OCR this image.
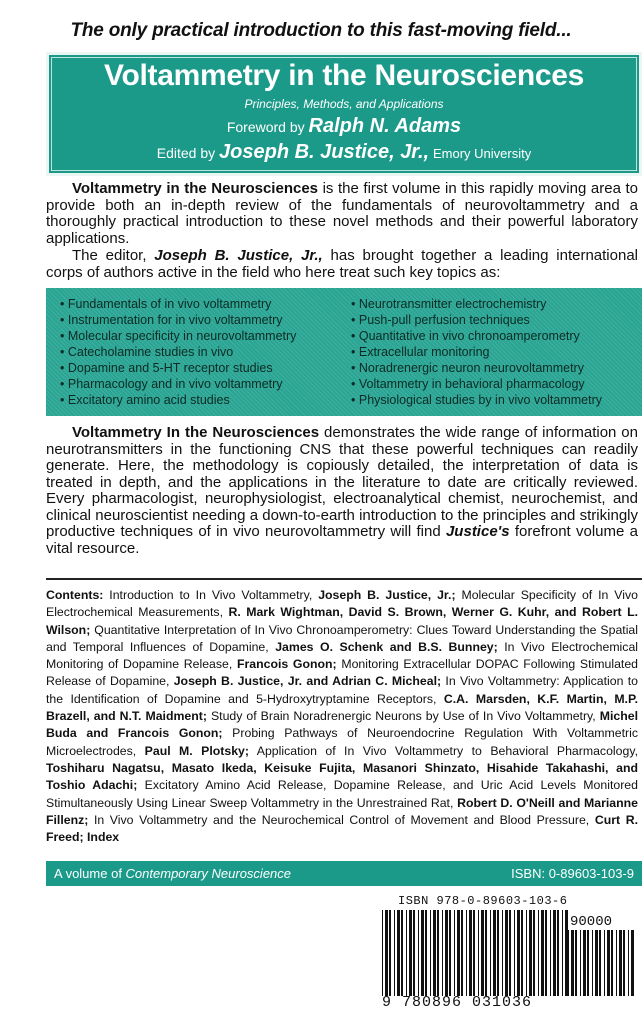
The only practical introduction to this fast-moving field...
Voltammetry in the Neurosciences
Principles, Methods, and Applications
Foreword by Ralph N. Adams
Edited by Joseph B. Justice, Jr., Emory University

Voltammetry in the Neurosciences is the first volume in this rapidly moving area to provide both an in-depth review of the fundamentals of neurovoltammetry and a thoroughly practical introduction to these novel methods and their powerful laboratory applications.

The editor, Joseph B. Justice, Jr., has brought together a leading international corps of authors active in the field who here treat such key topics as:

• Fundamentals of in vivo voltammetry
• Instrumentation for in vivo voltammetry
• Molecular specificity in neurovoltammetry
• Catecholamine studies in vivo
• Dopamine and 5-HT receptor studies
• Pharmacology and in vivo voltammetry
• Excitatory amino acid studies
• Neurotransmitter electrochemistry
• Push-pull perfusion techniques
• Quantitative in vivo chronoamperometry
• Extracellular monitoring
• Noradrenergic neuron neurovoltammetry
• Voltammetry in behavioral pharmacology
• Physiological studies by in vivo voltammetry

Voltammetry In the Neurosciences demonstrates the wide range of information on neurotransmitters in the functioning CNS that these powerful techniques can readily generate. Here, the methodology is copiously detailed, the interpretation of data is treated in depth, and the applications in the literature to date are critically reviewed. Every pharmacologist, neurophysiologist, electroanalytical chemist, neurochemist, and clinical neuroscientist needing a down-to-earth introduction to the principles and strikingly productive techniques of in vivo neurovoltammetry will find Justice's forefront volume a vital resource.

Contents: Introduction to In Vivo Voltammetry, Joseph B. Justice, Jr.; Molecular Specificity of In Vivo Electrochemical Measurements, R. Mark Wightman, David S. Brown, Werner G. Kuhr, and Robert L. Wilson; Quantitative Interpretation of In Vivo Chronoamperometry: Clues Toward Understanding the Spatial and Temporal Influences of Dopamine, James O. Schenk and B.S. Bunney; In Vivo Electrochemical Monitoring of Dopamine Release, Francois Gonon; Monitoring Extracellular DOPAC Following Stimulated Release of Dopamine, Joseph B. Justice, Jr. and Adrian C. Micheal; In Vivo Voltammetry: Application to the Identification of Dopamine and 5-Hydroxytryptamine Receptors, C.A. Marsden, K.F. Martin, M.P. Brazell, and N.T. Maidment; Study of Brain Noradrenergic Neurons by Use of In Vivo Voltammetry, Michel Buda and Francois Gonon; Probing Pathways of Neuroendocrine Regulation With Voltammetric Microelectrodes, Paul M. Plotsky; Application of In Vivo Voltammetry to Behavioral Pharmacology, Toshiharu Nagatsu, Masato Ikeda, Keisuke Fujita, Masanori Shinzato, Hisahide Takahashi, and Toshio Adachi; Excitatory Amino Acid Release, Dopamine Release, and Uric Acid Levels Monitored Stimultaneously Using Linear Sweep Voltammetry in the Unrestrained Rat, Robert D. O'Neill and Marianne Fillenz; In Vivo Voltammetry and the Neurochemical Control of Movement and Blood Pressure, Curt R. Freed; Index

A volume of Contemporary Neuroscience	ISBN: 0-89603-103-9
ISBN 978-0-89603-103-6
90000
9 780896 031036
